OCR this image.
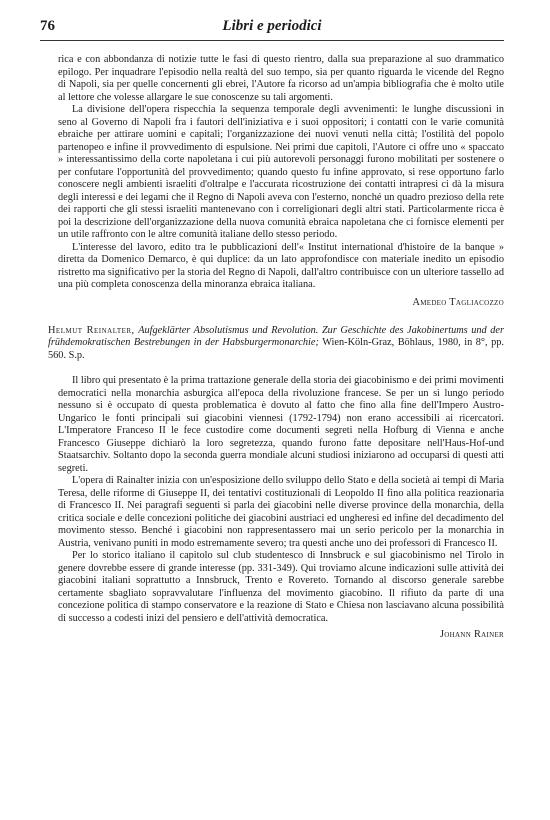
76	Libri e periodici

rica e con abbondanza di notizie tutte le fasi di questo rientro, dalla sua preparazione al suo drammatico epilogo. Per inquadrare l'episodio nella realtà del suo tempo, sia per quanto riguarda le vicende del Regno di Napoli, sia per quelle concernenti gli ebrei, l'Autore fa ricorso ad un'ampia bibliografia che è molto utile al lettore che volesse allargare le sue conoscenze su tali argomenti.

La divisione dell'opera rispecchia la sequenza temporale degli avvenimenti: le lunghe discussioni in seno al Governo di Napoli fra i fautori dell'iniziativa e i suoi oppositori; i contatti con le varie comunità ebraiche per attirare uomini e capitali; l'organizzazione dei nuovi venuti nella città; l'ostilità del popolo partenopeo e infine il provvedimento di espulsione. Nei primi due capitoli, l'Autore ci offre uno « spaccato » interessantissimo della corte napoletana i cui più autorevoli personaggi furono mobilitati per sostenere o per confutare l'opportunità del provvedimento; quando questo fu infine approvato, si rese opportuno farlo conoscere negli ambienti israeliti d'oltralpe e l'accurata ricostruzione dei contatti intrapresi ci dà la misura degli interessi e dei legami che il Regno di Napoli aveva con l'esterno, nonché un quadro prezioso della rete dei rapporti che gli stessi israeliti mantenevano con i correligionari degli altri stati. Particolarmente ricca è poi la descrizione dell'organizzazione della nuova comunità ebraica napoletana che ci fornisce elementi per un utile raffronto con le altre comunità italiane dello stesso periodo.

L'interesse del lavoro, edito tra le pubblicazioni dell'« Institut international d'histoire de la banque » diretta da Domenico Demarco, è qui duplice: da un lato approfondisce con materiale inedito un episodio ristretto ma significativo per la storia del Regno di Napoli, dall'altro contribuisce con un ulteriore tassello ad una più completa conoscenza della minoranza ebraica italiana.

Amedeo Tagliacozzo

Helmut Reinalter, Aufgeklärter Absolutismus und Revolution. Zur Geschichte des Jakobinertums und der frühdemokratischen Bestrebungen in der Habsburgermonarchie; Wien-Köln-Graz, Böhlaus, 1980, in 8°, pp. 560. S.p.

Il libro qui presentato è la prima trattazione generale della storia dei giacobinismo e dei primi movimenti democratici nella monarchia asburgica all'epoca della rivoluzione francese. Se per un sì lungo periodo nessuno si è occupato di questa problematica è dovuto al fatto che fino alla fine dell'Impero Austro-Ungarico le fonti principali sui giacobini viennesi (1792-1794) non erano accessibili ai ricercatori. L'Imperatore Franceso II le fece custodire come documenti segreti nella Hofburg di Vienna e anche Francesco Giuseppe dichiarò la loro segretezza, quando furono fatte depositare nell'Haus-Hof-und Staatsarchiv. Soltanto dopo la seconda guerra mondiale alcuni studiosi iniziarono ad occuparsi di questi atti segreti.

L'opera di Rainalter inizia con un'esposizione dello sviluppo dello Stato e della società ai tempi di Maria Teresa, delle riforme di Giuseppe II, dei tentativi costituzionali di Leopoldo II fino alla politica reazionaria di Francesco II. Nei paragrafi seguenti si parla dei giacobini nelle diverse province della monarchia, della critica sociale e delle concezioni politiche dei giacobini austriaci ed ungheresi ed infine del decadimento del movimento stesso. Benché i giacobini non rappresentassero mai un serio pericolo per la monarchia in Austria, venivano puniti in modo estremamente severo; tra questi anche uno dei professori di Francesco II.

Per lo storico italiano il capitolo sul club studentesco di Innsbruck e sul giacobinismo nel Tirolo in genere dovrebbe essere di grande interesse (pp. 331-349). Qui troviamo alcune indicazioni sulle attività dei giacobini italiani soprattutto a Innsbruck, Trento e Rovereto. Tornando al discorso generale sarebbe certamente sbagliato sopravvalutare l'influenza del movimento giacobino. Il rifiuto da parte di una concezione politica di stampo conservatore e la reazione di Stato e Chiesa non lasciavano alcuna possibilità di successo a codesti inizi del pensiero e dell'attività democratica.

Johann Rainer
